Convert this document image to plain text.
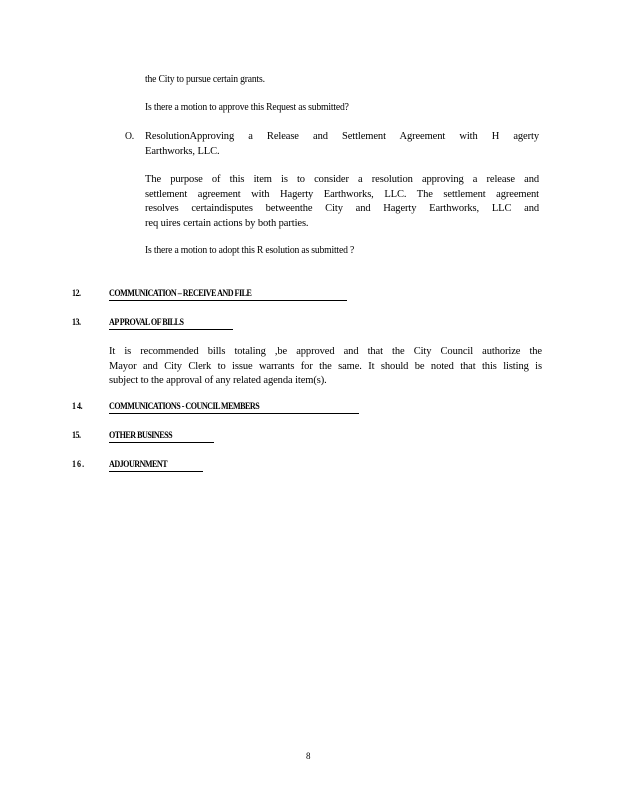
the City to pursue certain grants.
Is there a motion to approve this Request as submitted?
O. ResolutionApproving a Release and Settlement Agreement with H agerty
Earthworks, LLC.
The purpose of this item is to consider a resolution approving a release and
settlement agreement with Hagerty Earthworks, LLC. The settlement agreement
resolves certaindisputes betweenthe City and Hagerty Earthworks, LLC and
req uires certain actions by both parties.
Is there a motion to adopt this R esolution as submitted ?
12.	COMMUNICATION – RECEIVE AND FILE
13.	AP PROVAL OF BILLS
It is recommended bills totaling ,be approved and that the City Council authorize the
Mayor and City Clerk to issue warrants for the same. It should be noted that this listing is
subject to the approval of any related agenda item(s).
1 4.	COMMUNICATIONS - COUNCIL MEMBERS
15.	OTHER BUSINESS
1 6 .	ADJOURNMENT
8
